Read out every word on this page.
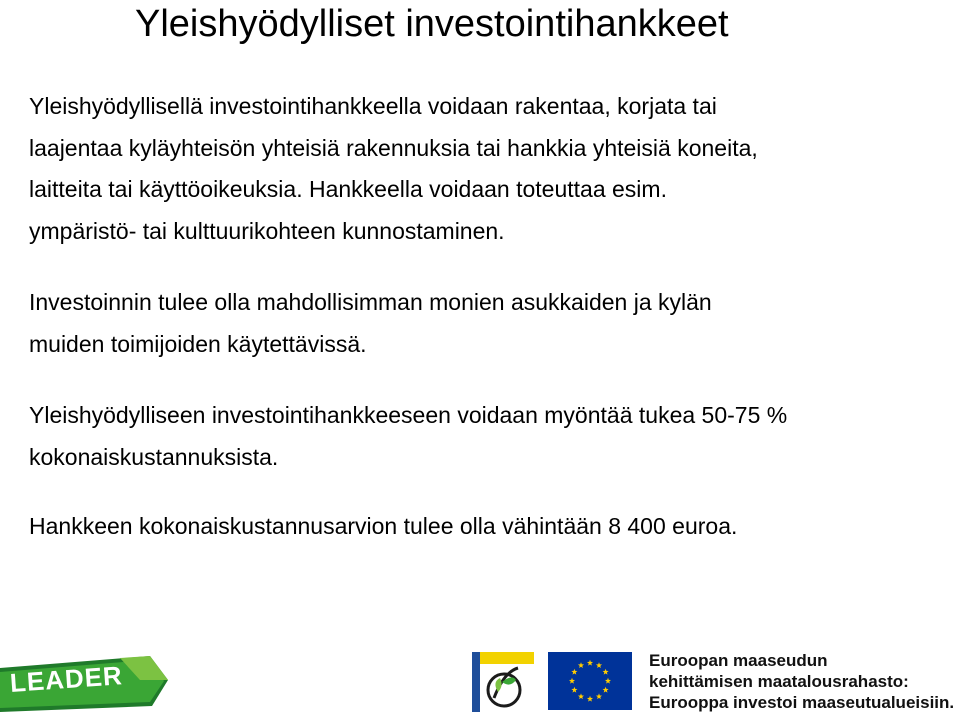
Yleishyödylliset investointihankkeet

Yleishyödyllisellä investointihankkeella voidaan rakentaa, korjata tai
laajentaa kyläyhteisön yhteisiä rakennuksia tai hankkia yhteisiä koneita,
laitteita tai käyttöoikeuksia. Hankkeella voidaan toteuttaa esim.
ympäristö- tai kulttuurikohteen kunnostaminen.

Investoinnin tulee olla mahdollisimman monien asukkaiden ja kylän
muiden toimijoiden käytettävissä.

Yleishyödylliseen investointihankkeeseen voidaan myöntää tukea 50-75 %
kokonaiskustannuksista.

Hankkeen kokonaiskustannusarvion tulee olla vähintään 8 400 euroa.

LEADER	Euroopan maaseudun
kehittämisen maatalousrahasto:
Eurooppa investoi maaseutualueisiin.
